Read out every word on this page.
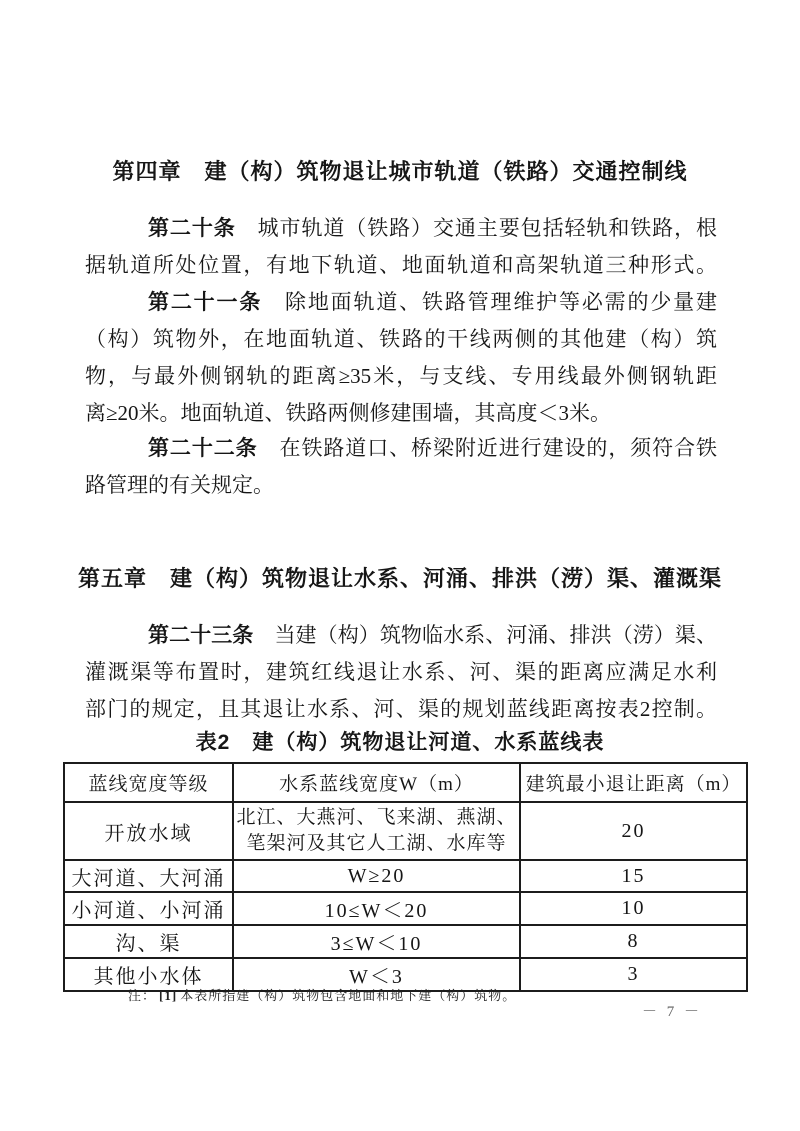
第四章　建（构）筑物退让城市轨道（铁路）交通控制线
第二十条　城市轨道（铁路）交通主要包括轻轨和铁路，根
据轨道所处位置，有地下轨道、地面轨道和高架轨道三种形式。
第二十一条　除地面轨道、铁路管理维护等必需的少量建
（构）筑物外，在地面轨道、铁路的干线两侧的其他建（构）筑
物，与最外侧钢轨的距离≥35米，与支线、专用线最外侧钢轨距
离≥20米。地面轨道、铁路两侧修建围墙，其高度＜3米。
第二十二条　在铁路道口、桥梁附近进行建设的，须符合铁
路管理的有关规定。
第五章　建（构）筑物退让水系、河涌、排洪（涝）渠、灌溉渠
第二十三条　当建（构）筑物临水系、河涌、排洪（涝）渠、
灌溉渠等布置时，建筑红线退让水系、河、渠的距离应满足水利
部门的规定，且其退让水系、河、渠的规划蓝线距离按表2控制。
表2　建（构）筑物退让河道、水系蓝线表
蓝线宽度等级	水系蓝线宽度W（m）	建筑最小退让距离（m）
开放水域	北江、大燕河、飞来湖、燕湖、
笔架河及其它人工湖、水库等	20
大河道、大河涌	W≥20	15
小河道、小河涌	10≤W＜20	10
沟、渠	3≤W＜10	8
其他小水体	W＜3	3
注： [1] 本表所指建（构）筑物包含地面和地下建（构）筑物。
－ 7 －
